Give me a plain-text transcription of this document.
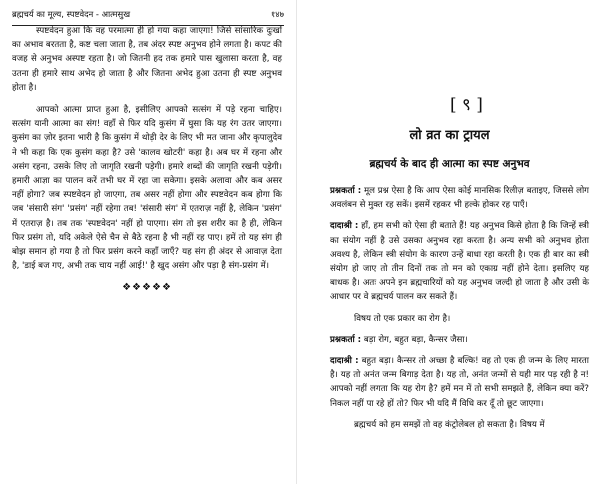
ब्रह्मचर्य का मूल्य, स्पष्टवेदन - आत्मसुख	१४७

स्पष्टवेदन हुआ कि वह परमात्मा ही हो गया कहा जाएगा! जिसे सांसारिक दुःखों का अभाव बरतता है, कष्ट चला जाता है, तब अंदर स्पष्ट अनुभव होने लगता है। कपट की वजह से अनुभव अस्पष्ट रहता है। जो जितनी हद तक हमारे पास खुलासा करता है, वह उतना ही हमारे साथ अभेद हो जाता है और जितना अभेद हुआ उतना ही स्पष्ट अनुभव होता है।

आपको आत्मा प्राप्त हुआ है, इसीलिए आपको सत्संग में पड़े रहना चाहिए। सत्संग यानी आत्मा का संग! वहाँ से फिर यदि कुसंग में घुसा कि यह रंग उतर जाएगा। कुसंग का ज़ोर इतना भारी है कि कुसंग में थोड़ी देर के लिए भी मत जाना और कृपालुदेव ने भी कहा कि एक कुसंग कहा है? उसे 'कालव खोटरी' कहा है। अब घर में रहना और असंग रहना, उसके लिए तो जागृति रखनी पड़ेगी। हमारे शब्दों की जागृति रखनी पड़ेगी। हमारी आज्ञा का पालन करें तभी घर में रहा जा सकेगा। इसके अलावा और कब असर नहीं होगा? जब स्पष्टवेदन हो जाएगा, तब असर नहीं होगा और स्पष्टवेदन कब होगा कि जब 'संसारी संग' 'प्रसंग' नहीं रहेगा तब! 'संसारी संग' में एतराज़ नहीं है, लेकिन 'प्रसंग' में एतराज़ है। तब तक 'स्पष्टवेदन' नहीं हो पाएगा। संग तो इस शरीर का है ही, लेकिन फिर प्रसंग तो, यदि अकेले ऐसे चैन से बैठे रहना है भी नहीं रह पाए। हमें तो यह संग ही बोझ समान हो गया है तो फिर प्रसंग करने कहाँ जाएँ? यह संग ही अंदर से आवाज़ देता है, 'डाई बज गए, अभी तक चाय नहीं आई!' है खुद असंग और पड़ा है संग-प्रसंग में।

❖❖❖❖❖
[ ९ ]
लो व्रत का ट्रायल
ब्रह्मचर्य के बाद ही आत्मा का स्पष्ट अनुभव

प्रश्नकर्ता : मूल प्रश्न ऐसा है कि आप ऐसा कोई मानसिक रिलीज़ बताइए, जिससे लोग अवलंबन से मुक्त रह सकें। इसमें रहकर भी हल्के होकर रह पाएँ।

दादाश्री : हाँ, हम सभी को ऐसा ही बताते हैं! यह अनुभव किसे होता है कि जिन्हें स्त्री का संयोग नहीं है उसे उसका अनुभव रहा करता है। अन्य सभी को अनुभव होता अवश्य है, लेकिन स्त्री संयोग के कारण उन्हें बाधा रहा करती है। एक ही बार का स्त्री संयोग हो जाए तो तीन दिनों तक तो मन को एकाग्र नहीं होने देता। इसलिए यह बाधक है। अतः अपने इन ब्रह्मचारियों को यह अनुभव जल्दी हो जाता है और उसी के आधार पर वे ब्रह्मचर्य पालन कर सकते हैं।

विषय तो एक प्रकार का रोग है।

प्रश्नकर्ता : बड़ा रोग, बहुत बड़ा, कैन्सर जैसा।

दादाश्री : बहुत बड़ा। कैन्सर तो अच्छा है बल्कि! वह तो एक ही जन्म के लिए मारता है। यह तो अनंत जन्म बिगाड़ देता है। यह तो, अनंत जन्मों से यही मार पड़ रही है न! आपको नहीं लगता कि यह रोग है? हमें मन में तो सभी समझते हैं, लेकिन क्या करें? निकल नहीं पा रहे हों तो? फिर भी यदि मैं विधि कर दूँ तो छूट जाएगा।

ब्रह्मचर्य को हम समझें तो वह कंट्रोलेबल हो सकता है। विषय में
